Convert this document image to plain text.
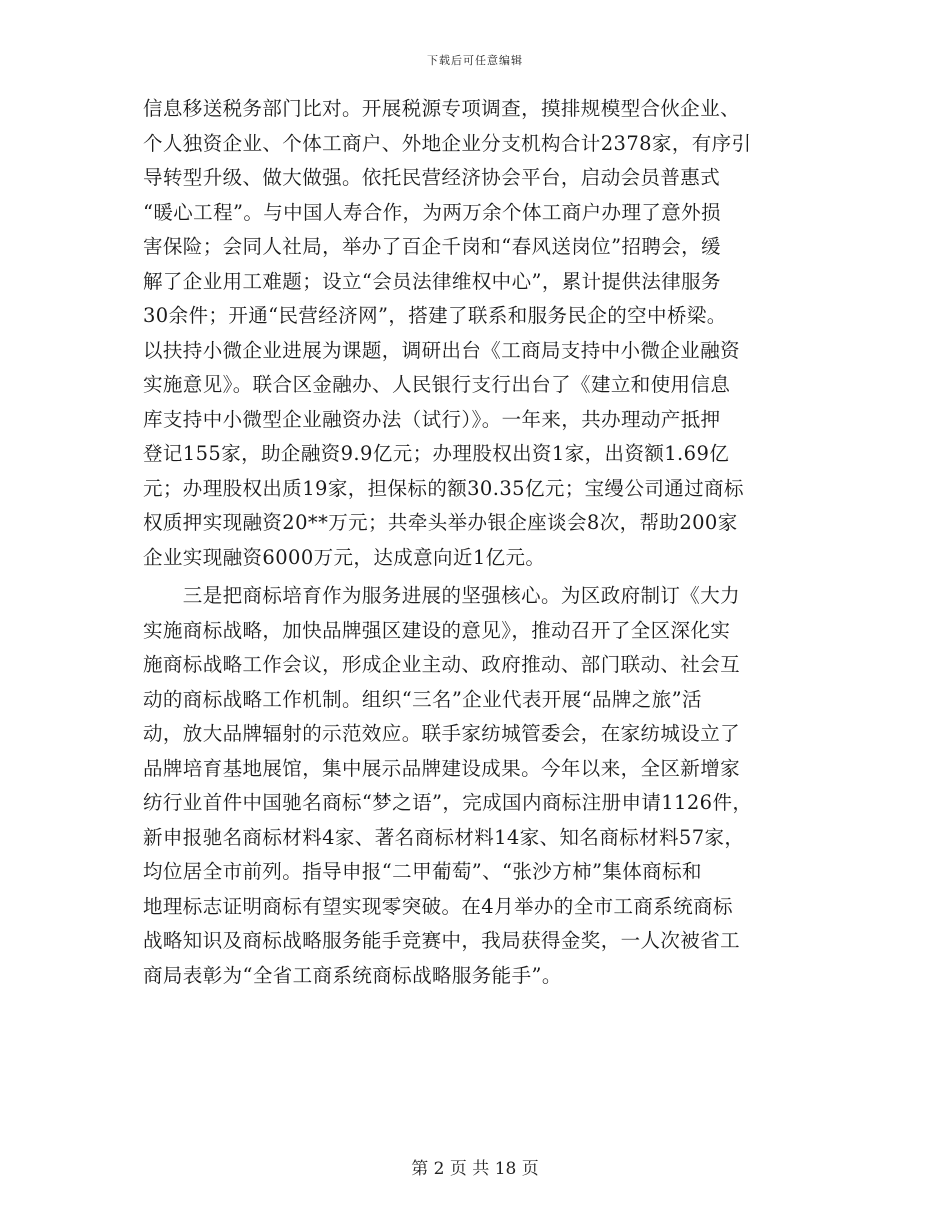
下载后可任意编辑
信息移送税务部门比对。开展税源专项调查，摸排规模型合伙企业、
个人独资企业、个体工商户、外地企业分支机构合计2378家，有序引
导转型升级、做大做强。依托民营经济协会平台，启动会员普惠式
“暖心工程”。与中国人寿合作，为两万余个体工商户办理了意外损
害保险；会同人社局，举办了百企千岗和“春风送岗位”招聘会，缓
解了企业用工难题；设立“会员法律维权中心”，累计提供法律服务
30余件；开通“民营经济网”，搭建了联系和服务民企的空中桥梁。
以扶持小微企业进展为课题，调研出台《工商局支持中小微企业融资
实施意见》。联合区金融办、人民银行支行出台了《建立和使用信息
库支持中小微型企业融资办法（试行）》。一年来，共办理动产抵押
登记155家，助企融资9.9亿元；办理股权出资1家，出资额1.69亿
元；办理股权出质19家，担保标的额30.35亿元；宝缦公司通过商标
权质押实现融资20**万元；共牵头举办银企座谈会8次，帮助200家
企业实现融资6000万元，达成意向近1亿元。
　　三是把商标培育作为服务进展的坚强核心。为区政府制订《大力
实施商标战略，加快品牌强区建设的意见》，推动召开了全区深化实
施商标战略工作会议，形成企业主动、政府推动、部门联动、社会互
动的商标战略工作机制。组织“三名”企业代表开展“品牌之旅”活
动，放大品牌辐射的示范效应。联手家纺城管委会，在家纺城设立了
品牌培育基地展馆，集中展示品牌建设成果。今年以来，全区新增家
纺行业首件中国驰名商标“梦之语”，完成国内商标注册申请1126件，
新申报驰名商标材料4家、著名商标材料14家、知名商标材料57家，
均位居全市前列。指导申报“二甲葡萄”、“张沙方柿”集体商标和
地理标志证明商标有望实现零突破。在4月举办的全市工商系统商标
战略知识及商标战略服务能手竞赛中，我局获得金奖，一人次被省工
商局表彰为“全省工商系统商标战略服务能手”。
第 2 页 共 18 页
